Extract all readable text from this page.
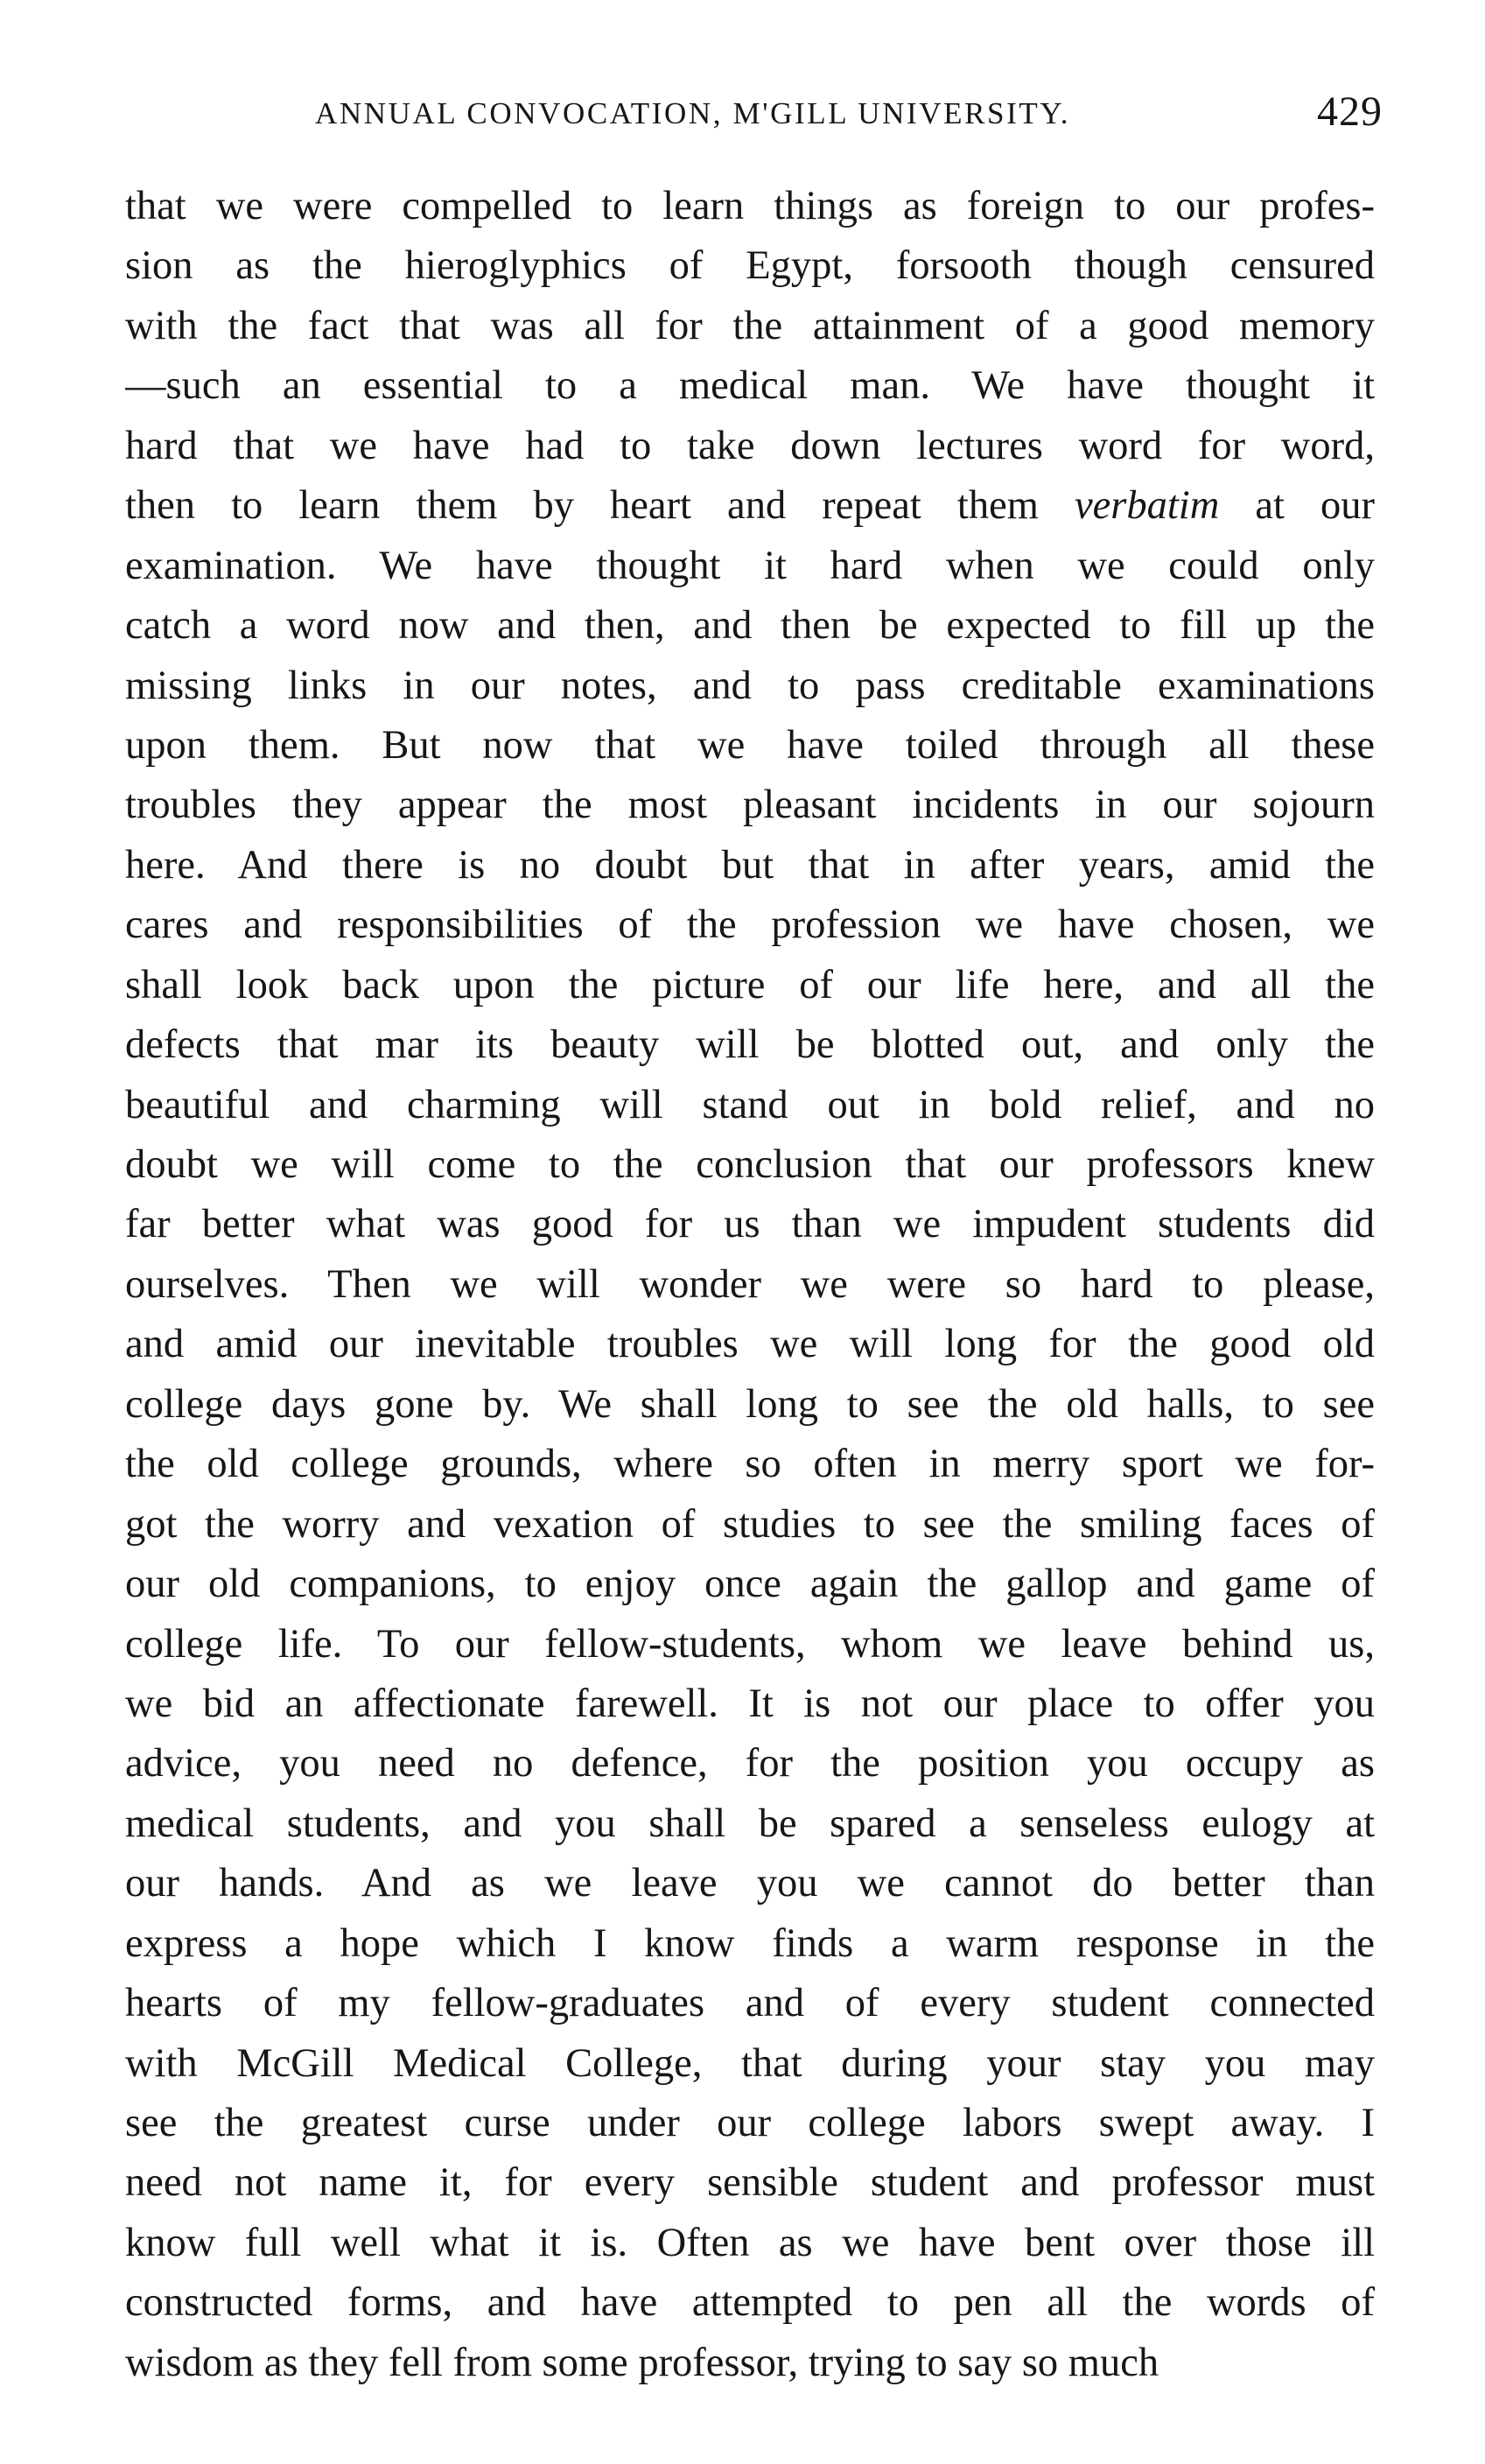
ANNUAL CONVOCATION, M'GILL UNIVERSITY.	429
that we were compelled to learn things as foreign to our profes-
sion as the hieroglyphics of Egypt, forsooth though censured
with the fact that was all for the attainment of a good memory
—such an essential to a medical man. We have thought it
hard that we have had to take down lectures word for word,
then to learn them by heart and repeat them verbatim at our
examination. We have thought it hard when we could only
catch a word now and then, and then be expected to fill up the
missing links in our notes, and to pass creditable examinations
upon them. But now that we have toiled through all these
troubles they appear the most pleasant incidents in our sojourn
here. And there is no doubt but that in after years, amid the
cares and responsibilities of the profession we have chosen, we
shall look back upon the picture of our life here, and all the
defects that mar its beauty will be blotted out, and only the
beautiful and charming will stand out in bold relief, and no
doubt we will come to the conclusion that our professors knew
far better what was good for us than we impudent students did
ourselves. Then we will wonder we were so hard to please,
and amid our inevitable troubles we will long for the good old
college days gone by. We shall long to see the old halls, to see
the old college grounds, where so often in merry sport we for-
got the worry and vexation of studies to see the smiling faces of
our old companions, to enjoy once again the gallop and game of
college life. To our fellow-students, whom we leave behind us,
we bid an affectionate farewell. It is not our place to offer you
advice, you need no defence, for the position you occupy as
medical students, and you shall be spared a senseless eulogy at
our hands. And as we leave you we cannot do better than
express a hope which I know finds a warm response in the
hearts of my fellow-graduates and of every student connected
with McGill Medical College, that during your stay you may
see the greatest curse under our college labors swept away. I
need not name it, for every sensible student and professor must
know full well what it is. Often as we have bent over those ill
constructed forms, and have attempted to pen all the words of
wisdom as they fell from some professor, trying to say so much
